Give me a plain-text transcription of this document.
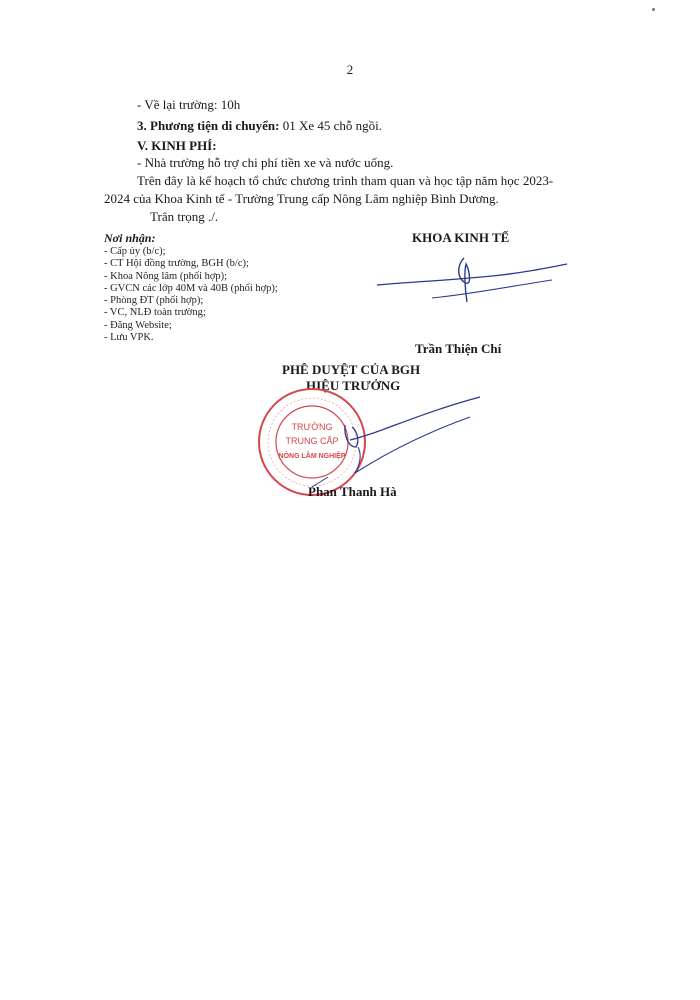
2
- Về lại trường: 10h
3. Phương tiện di chuyển: 01 Xe 45 chỗ ngồi.
V. KINH PHÍ:
- Nhà trường hỗ trợ chi phí tiền xe và nước uống.
Trên đây là kế hoạch tổ chức chương trình tham quan và học tập năm học 2023-
2024 của Khoa Kinh tế - Trường Trung cấp Nông Lâm nghiệp Bình Dương.
Trân trọng ./.
Nơi nhận:
- Cấp ủy (b/c);
- CT Hội đồng trường, BGH (b/c);
- Khoa Nông lâm (phối hợp);
- GVCN các lớp 40M và 40B (phối hợp);
- Phòng ĐT (phối hợp);
- VC, NLĐ toàn trường;
- Đăng Website;
- Lưu VPK.
KHOA KINH TẾ
Trần Thiện Chí
PHÊ DUYỆT CỦA BGH
HIỆU TRƯỞNG
TRƯỜNG
TRUNG CẤP
NÔNG LÂM NGHIỆP
Phan Thanh Hà
